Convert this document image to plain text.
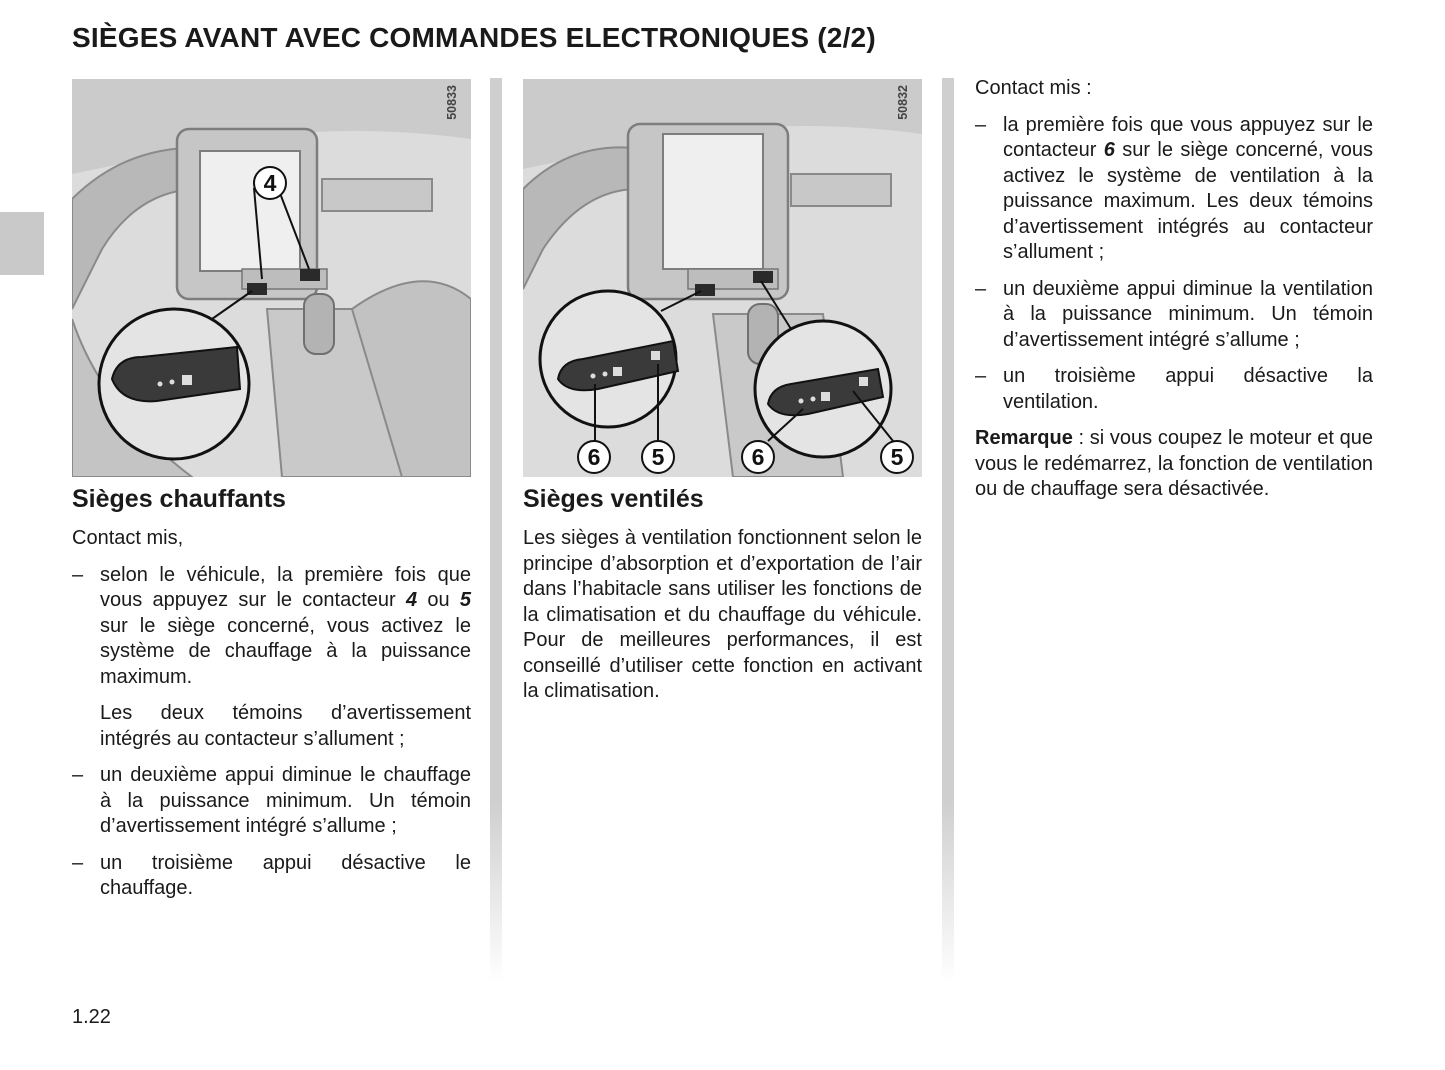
SIÈGES AVANT AVEC COMMANDES ELECTRONIQUES (2/2)
50833
4
Sièges chauffants

Contact mis,

– selon le véhicule, la première fois que vous appuyez sur le contacteur 4 ou 5 sur le siège concerné, vous activez le système de chauffage à la puissance maximum.
Les deux témoins d’avertissement intégrés au contacteur s’allument ;
– un deuxième appui diminue le chauffage à la puissance minimum. Un témoin d’avertissement intégré s’allume ;
– un troisième appui désactive le chauffage.
50832
6	5	6	5
Sièges ventilés

Les sièges à ventilation fonctionnent selon le principe d’absorption et d’exportation de l’air dans l’habitacle sans utiliser les fonctions de la climatisation et du chauffage du véhicule. Pour de meilleures performances, il est conseillé d’utiliser cette fonction en activant la climatisation.

Contact mis :

– la première fois que vous appuyez sur le contacteur 6 sur le siège concerné, vous activez le système de ventilation à la puissance maximum. Les deux témoins d’avertissement intégrés au contacteur s’allument ;
– un deuxième appui diminue la ventilation à la puissance minimum. Un témoin d’avertissement intégré s’allume ;
– un troisième appui désactive la ventilation.

Remarque : si vous coupez le moteur et que vous le redémarrez, la fonction de ventilation ou de chauffage sera désactivée.

1.22
